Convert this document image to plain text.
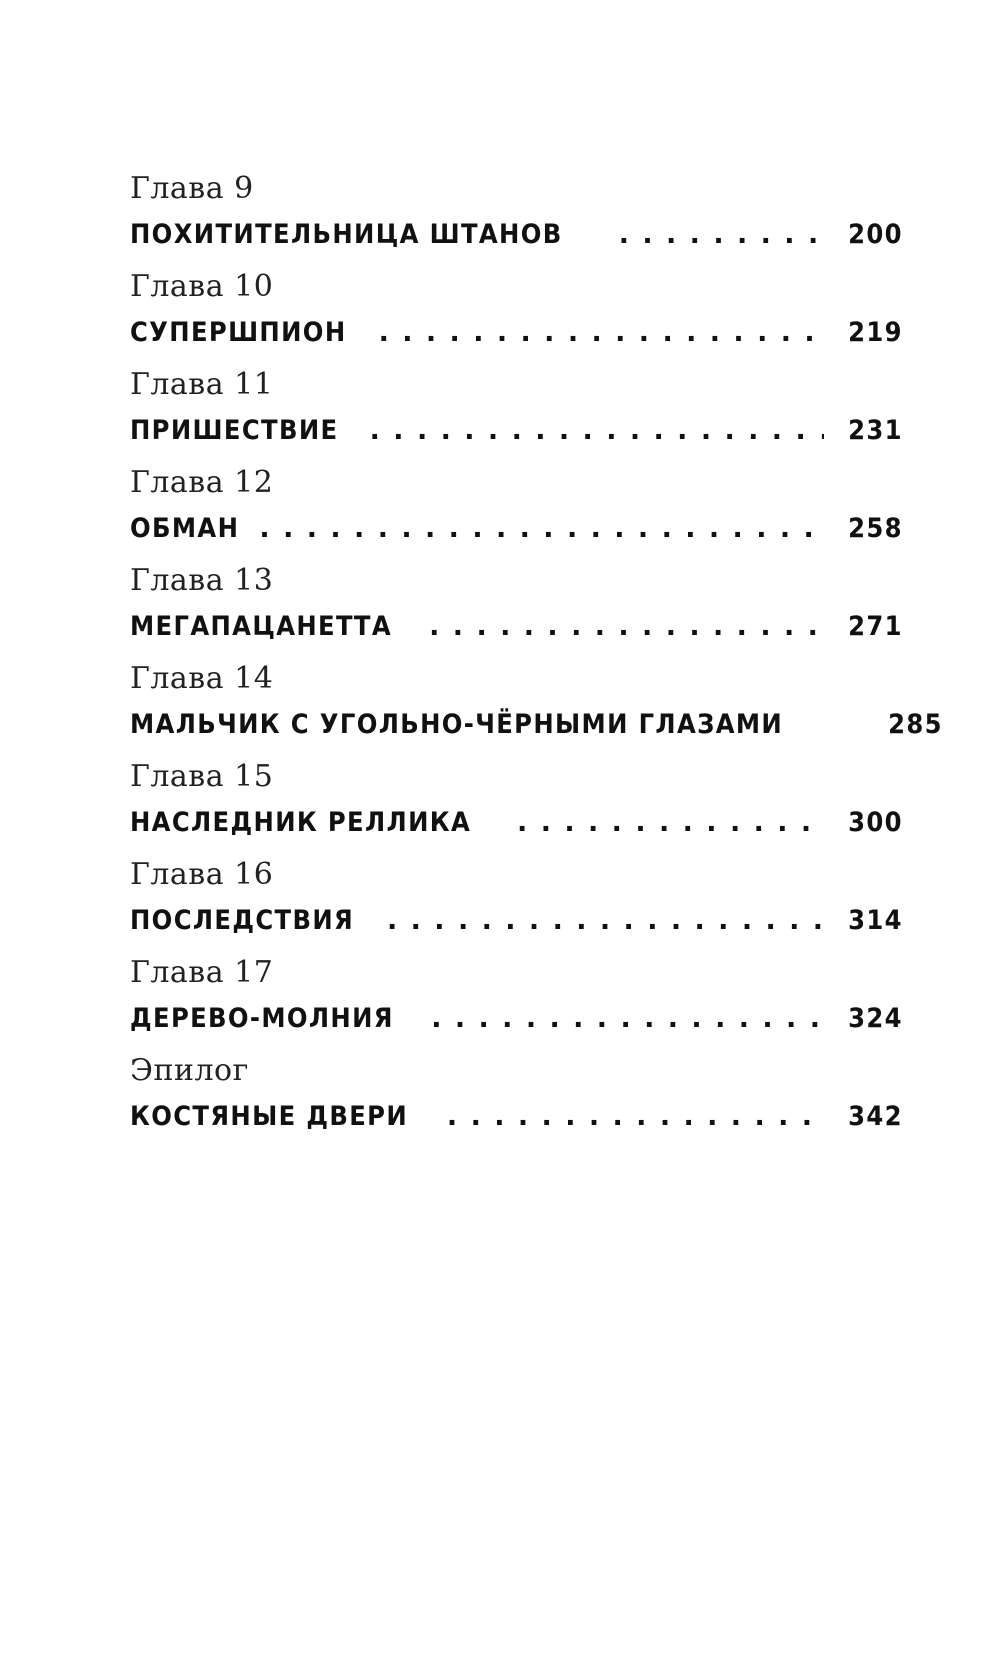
Глава 9
ПОХИТИТЕЛЬНИЦА ШТАНОВ . . .	200
Глава 10
СУПЕРШПИОН . . .	219
Глава 11
ПРИШЕСТВИЕ . . .	231
Глава 12
ОБМАН . . .	258
Глава 13
МЕГАПАЦАНЕТТА . . .	271
Глава 14
МАЛЬЧИК С УГОЛЬНО-ЧЁРНЫМИ ГЛАЗАМИ	285
Глава 15
НАСЛЕДНИК РЕЛЛИКА . . .	300
Глава 16
ПОСЛЕДСТВИЯ . . .	314
Глава 17
ДЕРЕВО-МОЛНИЯ . . .	324
Эпилог
КОСТЯНЫЕ ДВЕРИ . . .	342
